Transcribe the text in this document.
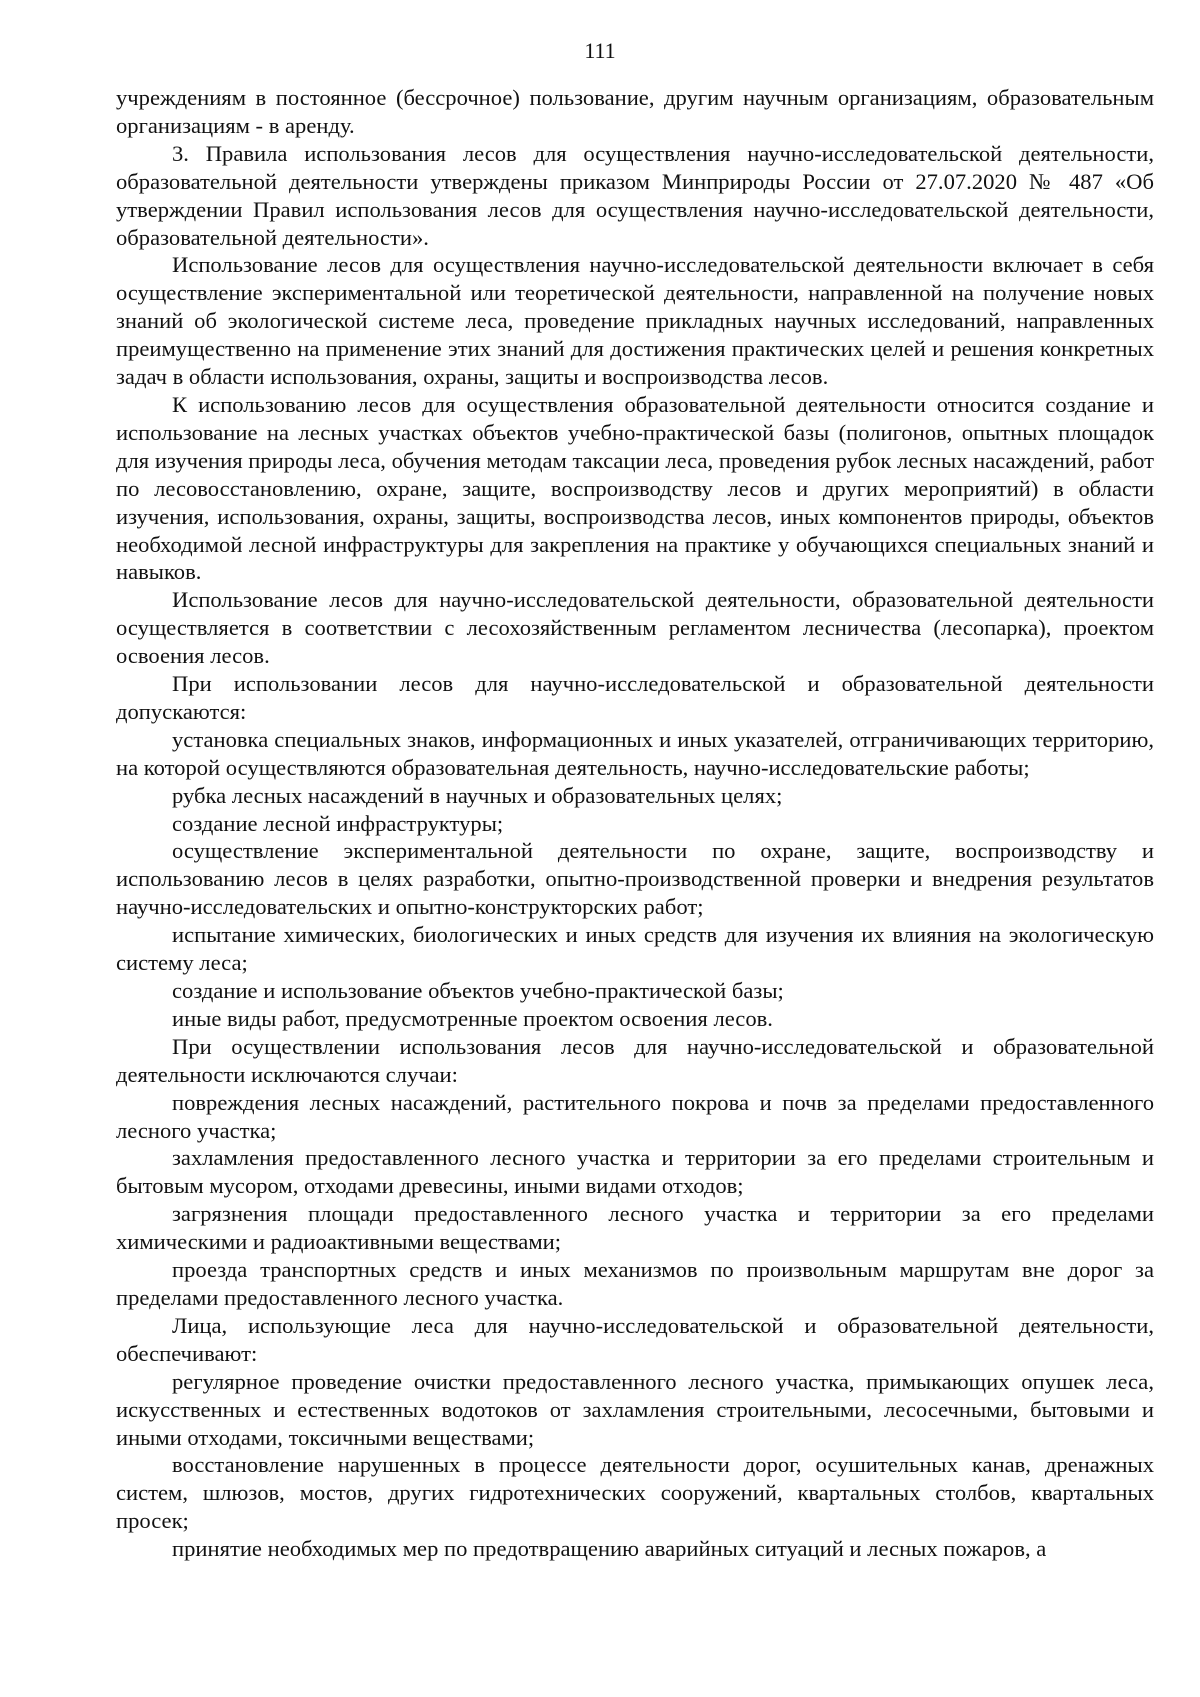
111

учреждениям в постоянное (бессрочное) пользование, другим научным организациям, образовательным организациям - в аренду.

3. Правила использования лесов для осуществления научно-исследовательской деятельности, образовательной деятельности утверждены приказом Минприроды России от 27.07.2020 № 487 «Об утверждении Правил использования лесов для осуществления научно-исследовательской деятельности, образовательной деятельности».

Использование лесов для осуществления научно-исследовательской деятельности включает в себя осуществление экспериментальной или теоретической деятельности, направленной на получение новых знаний об экологической системе леса, проведение прикладных научных исследований, направленных преимущественно на применение этих знаний для достижения практических целей и решения конкретных задач в области использования, охраны, защиты и воспроизводства лесов.

К использованию лесов для осуществления образовательной деятельности относится создание и использование на лесных участках объектов учебно-практической базы (полигонов, опытных площадок для изучения природы леса, обучения методам таксации леса, проведения рубок лесных насаждений, работ по лесовосстановлению, охране, защите, воспроизводству лесов и других мероприятий) в области изучения, использования, охраны, защиты, воспроизводства лесов, иных компонентов природы, объектов необходимой лесной инфраструктуры для закрепления на практике у обучающихся специальных знаний и навыков.

Использование лесов для научно-исследовательской деятельности, образовательной деятельности осуществляется в соответствии с лесохозяйственным регламентом лесничества (лесопарка), проектом освоения лесов.

При использовании лесов для научно-исследовательской и образовательной деятельности допускаются:

установка специальных знаков, информационных и иных указателей, отграничивающих территорию, на которой осуществляются образовательная деятельность, научно-исследовательские работы;

рубка лесных насаждений в научных и образовательных целях;

создание лесной инфраструктуры;

осуществление экспериментальной деятельности по охране, защите, воспроизводству и использованию лесов в целях разработки, опытно-производственной проверки и внедрения результатов научно-исследовательских и опытно-конструкторских работ;

испытание химических, биологических и иных средств для изучения их влияния на экологическую систему леса;

создание и использование объектов учебно-практической базы;

иные виды работ, предусмотренные проектом освоения лесов.

При осуществлении использования лесов для научно-исследовательской и образовательной деятельности исключаются случаи:

повреждения лесных насаждений, растительного покрова и почв за пределами предоставленного лесного участка;

захламления предоставленного лесного участка и территории за его пределами строительным и бытовым мусором, отходами древесины, иными видами отходов;

загрязнения площади предоставленного лесного участка и территории за его пределами химическими и радиоактивными веществами;

проезда транспортных средств и иных механизмов по произвольным маршрутам вне дорог за пределами предоставленного лесного участка.

Лица, использующие леса для научно-исследовательской и образовательной деятельности, обеспечивают:

регулярное проведение очистки предоставленного лесного участка, примыкающих опушек леса, искусственных и естественных водотоков от захламления строительными, лесосечными, бытовыми и иными отходами, токсичными веществами;

восстановление нарушенных в процессе деятельности дорог, осушительных канав, дренажных систем, шлюзов, мостов, других гидротехнических сооружений, квартальных столбов, квартальных просек;

принятие необходимых мер по предотвращению аварийных ситуаций и лесных пожаров, а
